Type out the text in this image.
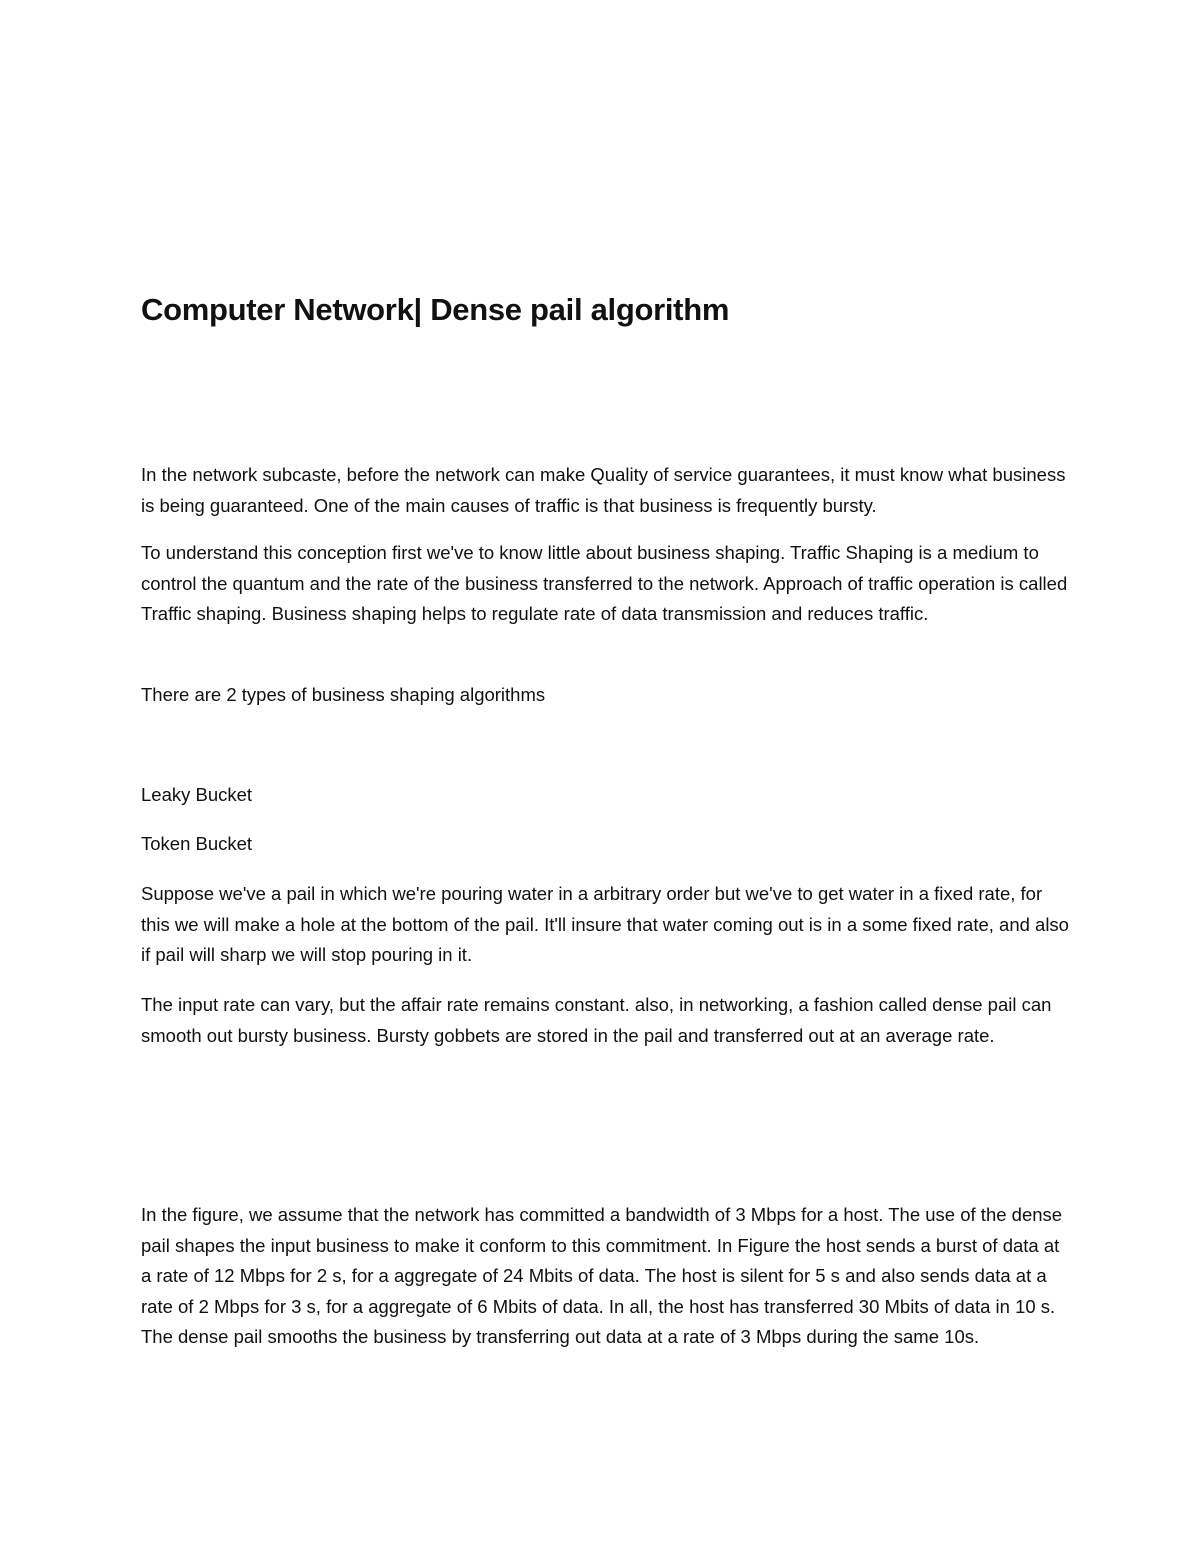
Computer Network| Dense pail algorithm

In the network subcaste, before the network can make Quality of service guarantees, it must know what business is being guaranteed. One of the main causes of traffic is that business is frequently bursty.

To understand this conception first we've to know little about business shaping. Traffic Shaping is a medium to control the quantum and the rate of the business transferred to the network. Approach of traffic operation is called Traffic shaping. Business shaping helps to regulate rate of data transmission and reduces traffic.

There are 2 types of business shaping algorithms

Leaky Bucket

Token Bucket

Suppose we've a pail in which we're pouring water in a arbitrary order but we've to get water in a fixed rate, for this we will make a hole at the bottom of the pail. It'll insure that water coming out is in a some fixed rate, and also if pail will sharp we will stop pouring in it.

The input rate can vary, but the affair rate remains constant. also, in networking, a fashion called dense pail can smooth out bursty business. Bursty gobbets are stored in the pail and transferred out at an average rate.

In the figure, we assume that the network has committed a bandwidth of 3 Mbps for a host. The use of the dense pail shapes the input business to make it conform to this commitment. In Figure the host sends a burst of data at a rate of 12 Mbps for 2 s, for a aggregate of 24 Mbits of data. The host is silent for 5 s and also sends data at a rate of 2 Mbps for 3 s, for a aggregate of 6 Mbits of data. In all, the host has transferred 30 Mbits of data in 10 s. The dense pail smooths the business by transferring out data at a rate of 3 Mbps during the same 10s.
